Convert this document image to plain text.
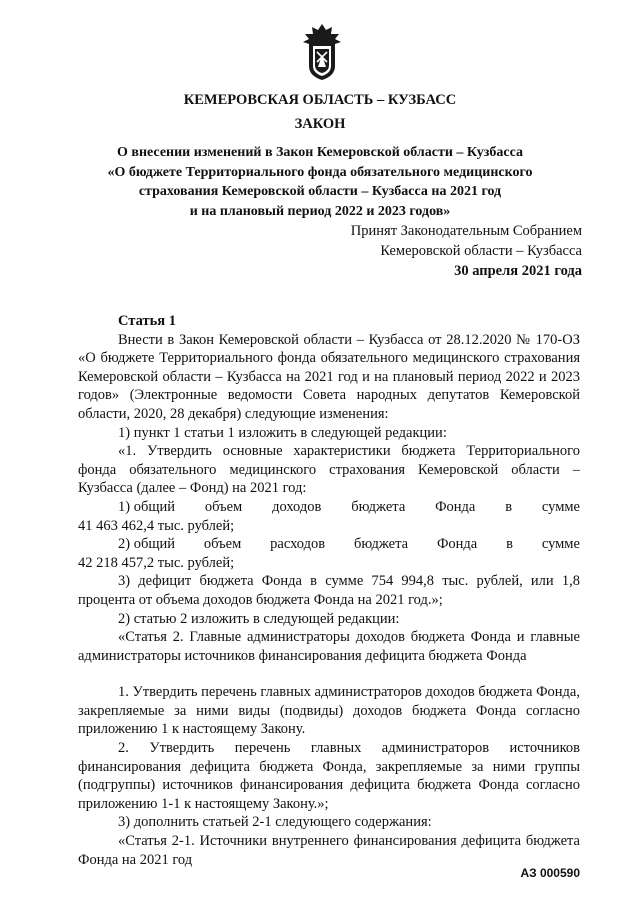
КЕМЕРОВСКАЯ ОБЛАСТЬ – КУЗБАСС
ЗАКОН
О внесении изменений в Закон Кемеровской области – Кузбасса
«О бюджете Территориального фонда обязательного медицинского
страхования Кемеровской области – Кузбасса на 2021 год
и на плановый период 2022 и 2023 годов»
Принят Законодательным Собранием
Кемеровской области – Кузбасса
30 апреля 2021 года

Статья 1

Внести в Закон Кемеровской области – Кузбасса от 28.12.2020 № 170-ОЗ «О бюджете Территориального фонда обязательного медицинского страхования Кемеровской области – Кузбасса на 2021 год и на плановый период 2022 и 2023 годов» (Электронные ведомости Совета народных депутатов Кемеровской области, 2020, 28 декабря) следующие изменения:

1) пункт 1 статьи 1 изложить в следующей редакции:

«1. Утвердить основные характеристики бюджета Территориального фонда обязательного медицинского страхования Кемеровской области – Кузбасса (далее – Фонд) на 2021 год:

1) общий объем доходов бюджета Фонда в сумме

41 463 462,4 тыс. рублей;

2) общий объем расходов бюджета Фонда в сумме

42 218 457,2 тыс. рублей;

3) дефицит бюджета Фонда в сумме 754 994,8 тыс. рублей, или 1,8 процента от объема доходов бюджета Фонда на 2021 год.»;

2) статью 2 изложить в следующей редакции:

«Статья 2. Главные администраторы доходов бюджета Фонда и главные администраторы источников финансирования дефицита бюджета Фонда

1. Утвердить перечень главных администраторов доходов бюджета Фонда, закрепляемые за ними виды (подвиды) доходов бюджета Фонда согласно приложению 1 к настоящему Закону.

2. Утвердить перечень главных администраторов источников финансирования дефицита бюджета Фонда, закрепляемые за ними группы (подгруппы) источников финансирования дефицита бюджета Фонда согласно приложению 1-1 к настоящему Закону.»;

3) дополнить статьей 2-1 следующего содержания:

«Статья 2-1. Источники внутреннего финансирования дефицита бюджета Фонда на 2021 год

АЗ 000590
